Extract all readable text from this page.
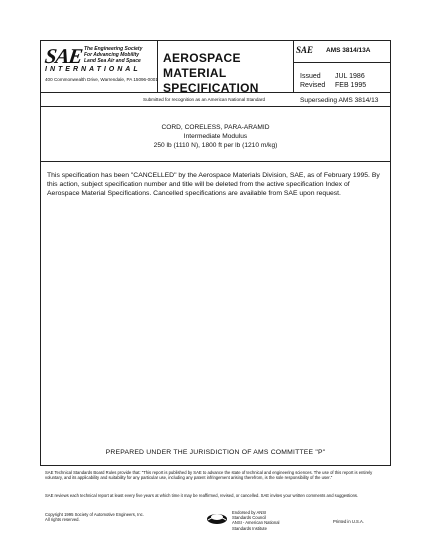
SAE The Engineering Society
For Advancing Mobility
Land Sea Air and Space
INTERNATIONAL
400 Commonwealth Drive, Warrendale, PA 15096-0001
AEROSPACE
MATERIAL
SPECIFICATION
SAE AMS 3814/13A
Issued JUL 1986
Revised FEB 1995
Superseding AMS 3814/13
Submitted for recognition as an American National Standard
CORD, CORELESS, PARA-ARAMID
Intermediate Modulus
250 lb (1110 N), 1800 ft per lb (1210 m/kg)
This specification has been "CANCELLED" by the Aerospace Materials Division, SAE, as of February 1995. By this action, subject specification number and title will be deleted from the active specification Index of Aerospace Material Specifications. Cancelled specifications are available from SAE upon request.
PREPARED UNDER THE JURISDICTION OF AMS COMMITTEE "P"
SAE Technical Standards Board Rules provide that: "This report is published by SAE to advance the state of technical and engineering sciences. The use of this report is entirely voluntary, and its applicability and suitability for any particular use, including any patent infringement arising therefrom, is the sole responsibility of the user."
SAE reviews each technical report at least every five years at which time it may be reaffirmed, revised, or cancelled. SAE invites your written comments and suggestions.
Copyright 1995 Society of Automotive Engineers, Inc.
All rights reserved.
Endorsed by ANSI
Standards Council
ANSI - American National
Standards Institute
Printed in U.S.A.
